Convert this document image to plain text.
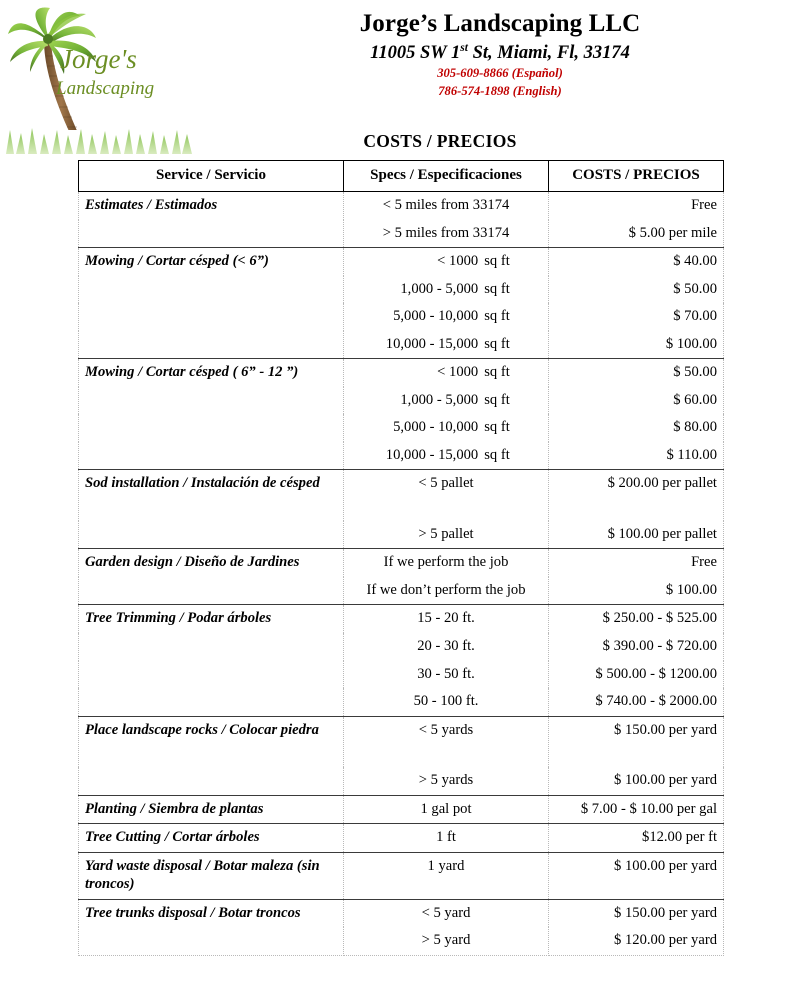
Jorge's
Landscaping
Jorge’s Landscaping LLC
11005 SW 1st St, Miami, Fl, 33174
305-609-8866 (Español)
786-574-1898 (English)
COSTS / PRECIOS
Service / Servicio	Specs / Especificaciones	COSTS / PRECIOS
Estimates / Estimados	< 5 miles from 33174	Free
	> 5 miles from 33174	$ 5.00 per mile
Mowing / Cortar césped (< 6”)	< 1000 sq ft	$ 40.00
	1,000 - 5,000 sq ft	$ 50.00
	5,000 - 10,000 sq ft	$ 70.00
	10,000 - 15,000 sq ft	$ 100.00
Mowing / Cortar césped ( 6” - 12 ”)	< 1000 sq ft	$ 50.00
	1,000 - 5,000 sq ft	$ 60.00
	5,000 - 10,000 sq ft	$ 80.00
	10,000 - 15,000 sq ft	$ 110.00
Sod installation / Instalación de césped	< 5 pallet	$ 200.00 per pallet
	> 5 pallet	$ 100.00 per pallet
Garden design / Diseño de Jardines	If we perform the job	Free
	If we don’t perform the job	$ 100.00
Tree Trimming / Podar árboles	15 - 20 ft.	$ 250.00 - $ 525.00
	20 - 30 ft.	$ 390.00 - $ 720.00
	30 - 50 ft.	$ 500.00 - $ 1200.00
	50 - 100 ft.	$ 740.00 - $ 2000.00
Place landscape rocks / Colocar piedra	< 5 yards	$ 150.00 per yard
	> 5 yards	$ 100.00 per yard
Planting / Siembra de plantas	1 gal pot	$ 7.00 - $ 10.00 per gal
Tree Cutting / Cortar árboles	1 ft	$12.00 per ft
Yard waste disposal / Botar maleza (sin troncos)	1 yard	$ 100.00 per yard
Tree trunks disposal / Botar troncos	< 5 yard	$ 150.00 per yard
	> 5 yard	$ 120.00 per yard
